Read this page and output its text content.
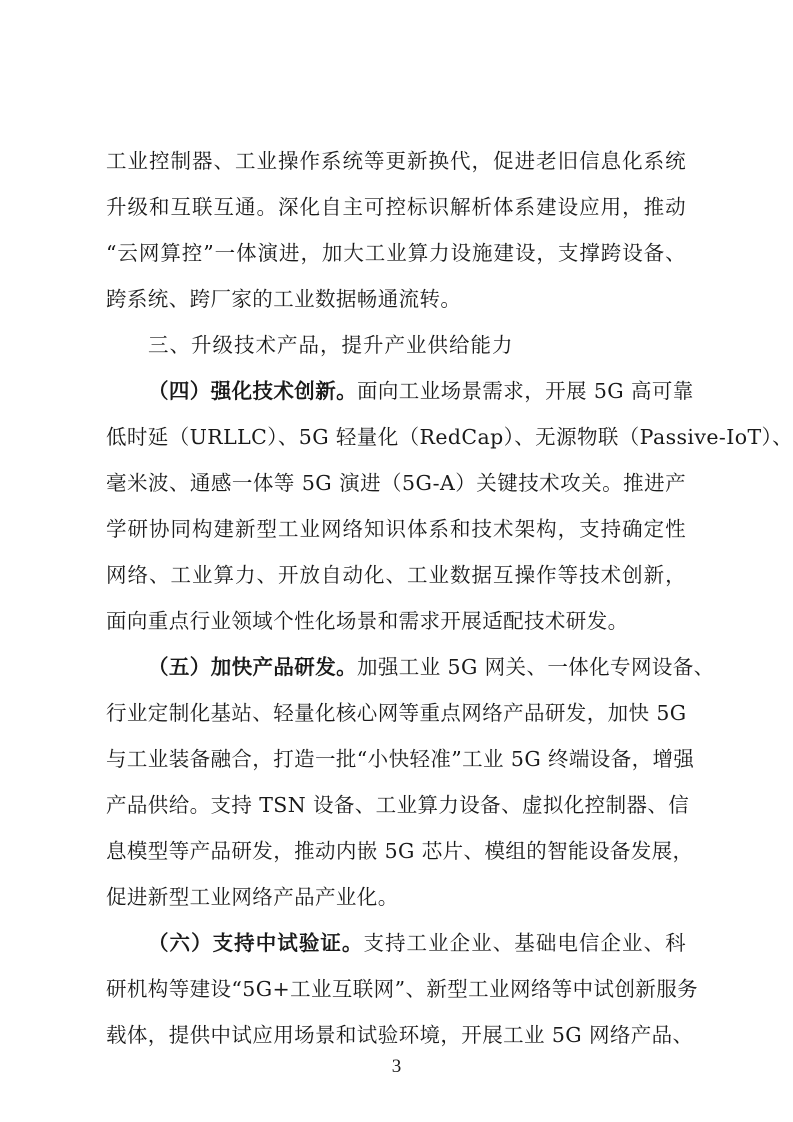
工业控制器、工业操作系统等更新换代，促进老旧信息化系统
升级和互联互通。深化自主可控标识解析体系建设应用，推动
“云网算控”一体演进，加大工业算力设施建设，支撑跨设备、
跨系统、跨厂家的工业数据畅通流转。
三、升级技术产品，提升产业供给能力
（四）强化技术创新。面向工业场景需求，开展 5G 高可靠
低时延（URLLC）、5G 轻量化（RedCap）、无源物联（Passive-IoT）、
毫米波、通感一体等 5G 演进（5G-A）关键技术攻关。推进产
学研协同构建新型工业网络知识体系和技术架构，支持确定性
网络、工业算力、开放自动化、工业数据互操作等技术创新，
面向重点行业领域个性化场景和需求开展适配技术研发。
（五）加快产品研发。加强工业 5G 网关、一体化专网设备、
行业定制化基站、轻量化核心网等重点网络产品研发，加快 5G
与工业装备融合，打造一批“小快轻准”工业 5G 终端设备，增强
产品供给。支持 TSN 设备、工业算力设备、虚拟化控制器、信
息模型等产品研发，推动内嵌 5G 芯片、模组的智能设备发展，
促进新型工业网络产品产业化。
（六）支持中试验证。支持工业企业、基础电信企业、科
研机构等建设“5G+工业互联网”、新型工业网络等中试创新服务
载体，提供中试应用场景和试验环境，开展工业 5G 网络产品、
3
